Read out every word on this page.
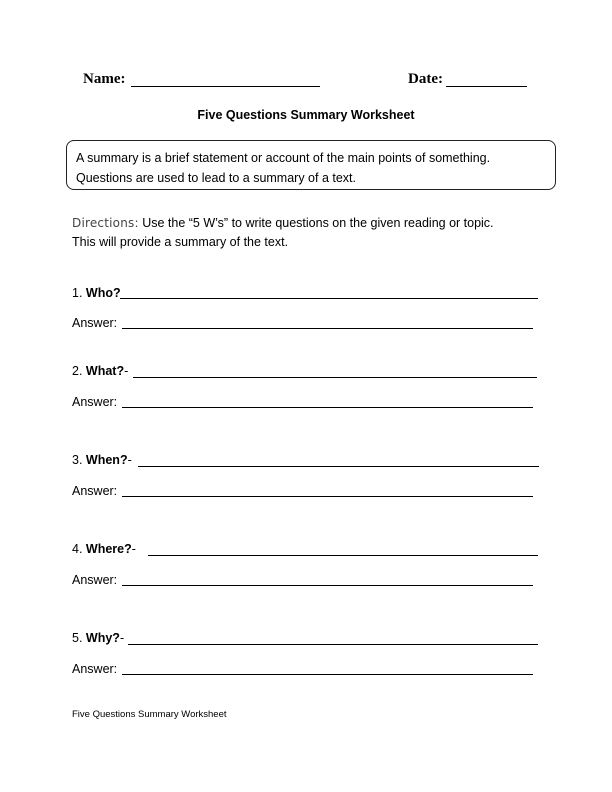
Name:	Date:
Five Questions Summary Worksheet
A summary is a brief statement or account of the main points of something.
Questions are used to lead to a summary of a text.
Directions: Use the “5 W’s” to write questions on the given reading or topic.
This will provide a summary of the text.
1. Who?
Answer:
2. What?-
Answer:
3. When?-
Answer:
4. Where?-
Answer:
5. Why?-
Answer:
Five Questions Summary Worksheet
